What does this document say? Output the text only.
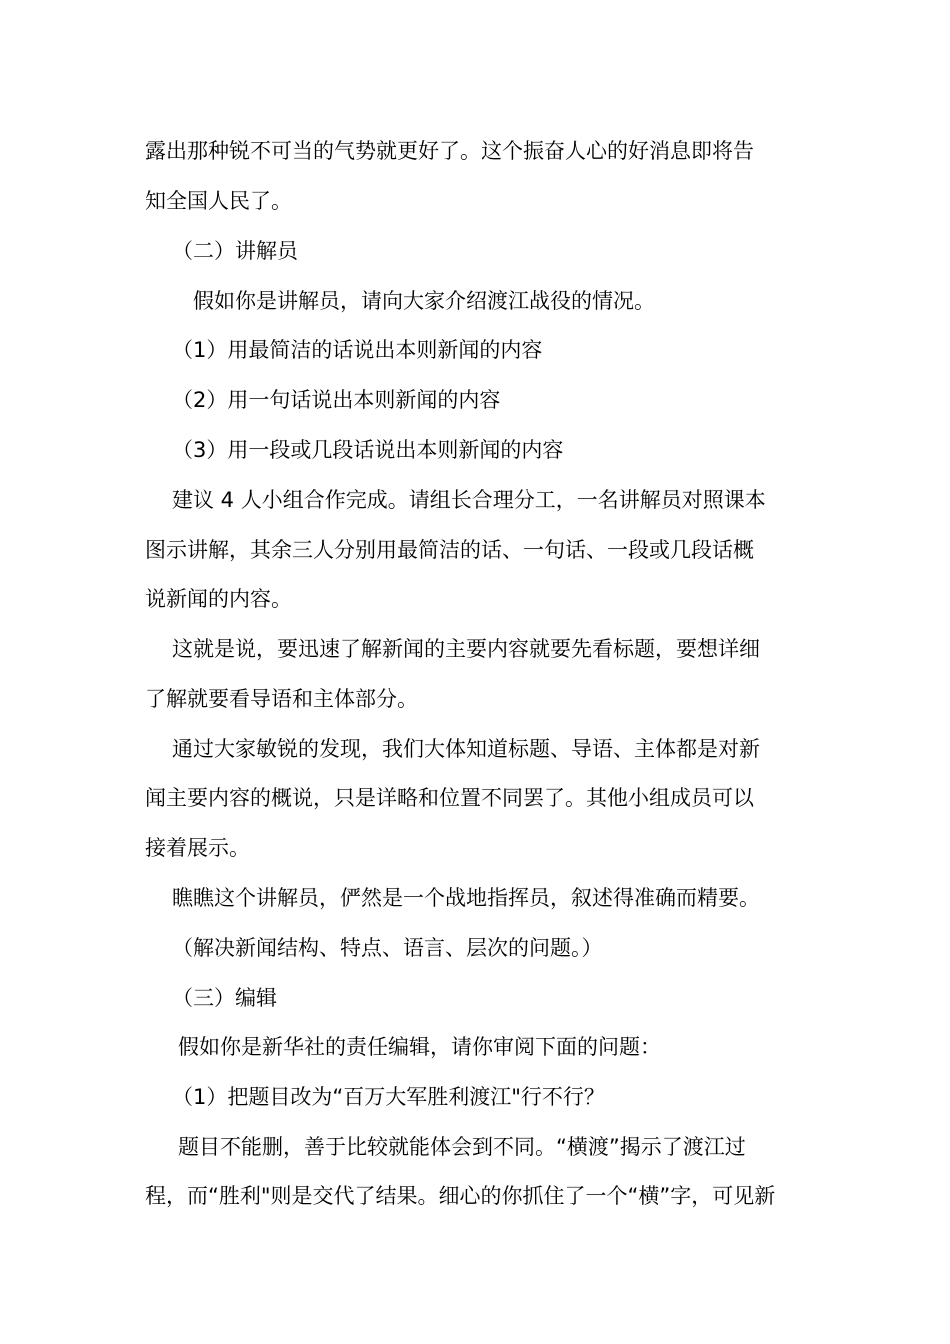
露出那种锐不可当的气势就更好了。这个振奋人心的好消息即将告
知全国人民了。
（二）讲解员
假如你是讲解员，请向大家介绍渡江战役的情况。
（1）用最简洁的话说出本则新闻的内容
（2）用一句话说出本则新闻的内容
（3）用一段或几段话说出本则新闻的内容
建议 4 人小组合作完成。请组长合理分工，一名讲解员对照课本
图示讲解，其余三人分别用最简洁的话、一句话、一段或几段话概
说新闻的内容。
这就是说，要迅速了解新闻的主要内容就要先看标题，要想详细
了解就要看导语和主体部分。
通过大家敏锐的发现，我们大体知道标题、导语、主体都是对新
闻主要内容的概说，只是详略和位置不同罢了。其他小组成员可以
接着展示。
瞧瞧这个讲解员，俨然是一个战地指挥员，叙述得准确而精要。
（解决新闻结构、特点、语言、层次的问题。）
（三）编辑
假如你是新华社的责任编辑，请你审阅下面的问题：
（1）把题目改为“百万大军胜利渡江"行不行？
题目不能删，善于比较就能体会到不同。“横渡”揭示了渡江过
程，而“胜利"则是交代了结果。细心的你抓住了一个“横”字，可见新
